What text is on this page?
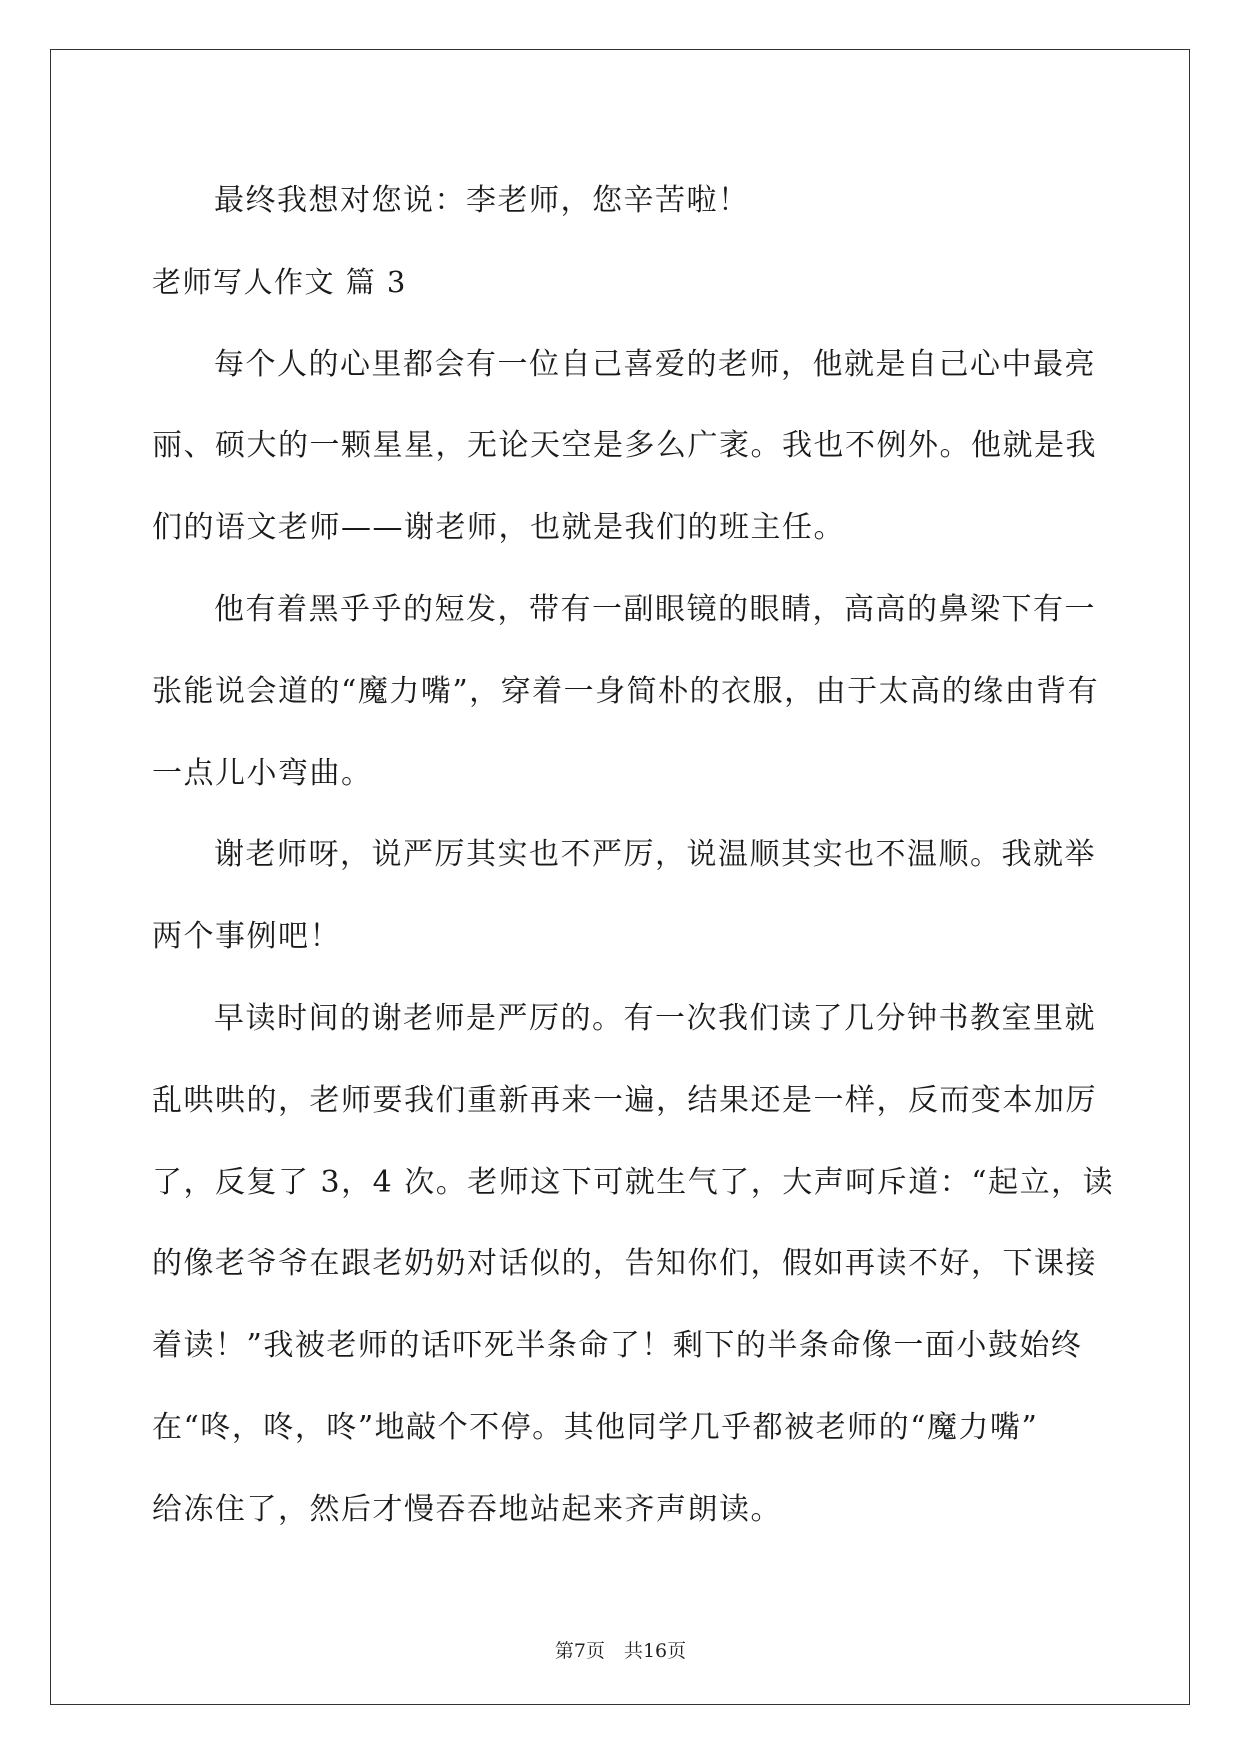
最终我想对您说：李老师，您辛苦啦！
老师写人作文 篇 3
每个人的心里都会有一位自己喜爱的老师，他就是自己心中最亮
丽、硕大的一颗星星，无论天空是多么广袤。我也不例外。他就是我
们的语文老师——谢老师，也就是我们的班主任。
他有着黑乎乎的短发，带有一副眼镜的眼睛，高高的鼻梁下有一
张能说会道的“魔力嘴”，穿着一身简朴的衣服，由于太高的缘由背有
一点儿小弯曲。
谢老师呀，说严厉其实也不严厉，说温顺其实也不温顺。我就举
两个事例吧！
早读时间的谢老师是严厉的。有一次我们读了几分钟书教室里就
乱哄哄的，老师要我们重新再来一遍，结果还是一样，反而变本加厉
了，反复了 3，4 次。老师这下可就生气了，大声呵斥道：“起立，读
的像老爷爷在跟老奶奶对话似的，告知你们，假如再读不好，下课接
着读！”我被老师的话吓死半条命了！剩下的半条命像一面小鼓始终
在“咚，咚，咚”地敲个不停。其他同学几乎都被老师的“魔力嘴”
给冻住了，然后才慢吞吞地站起来齐声朗读。
第7页　共16页
